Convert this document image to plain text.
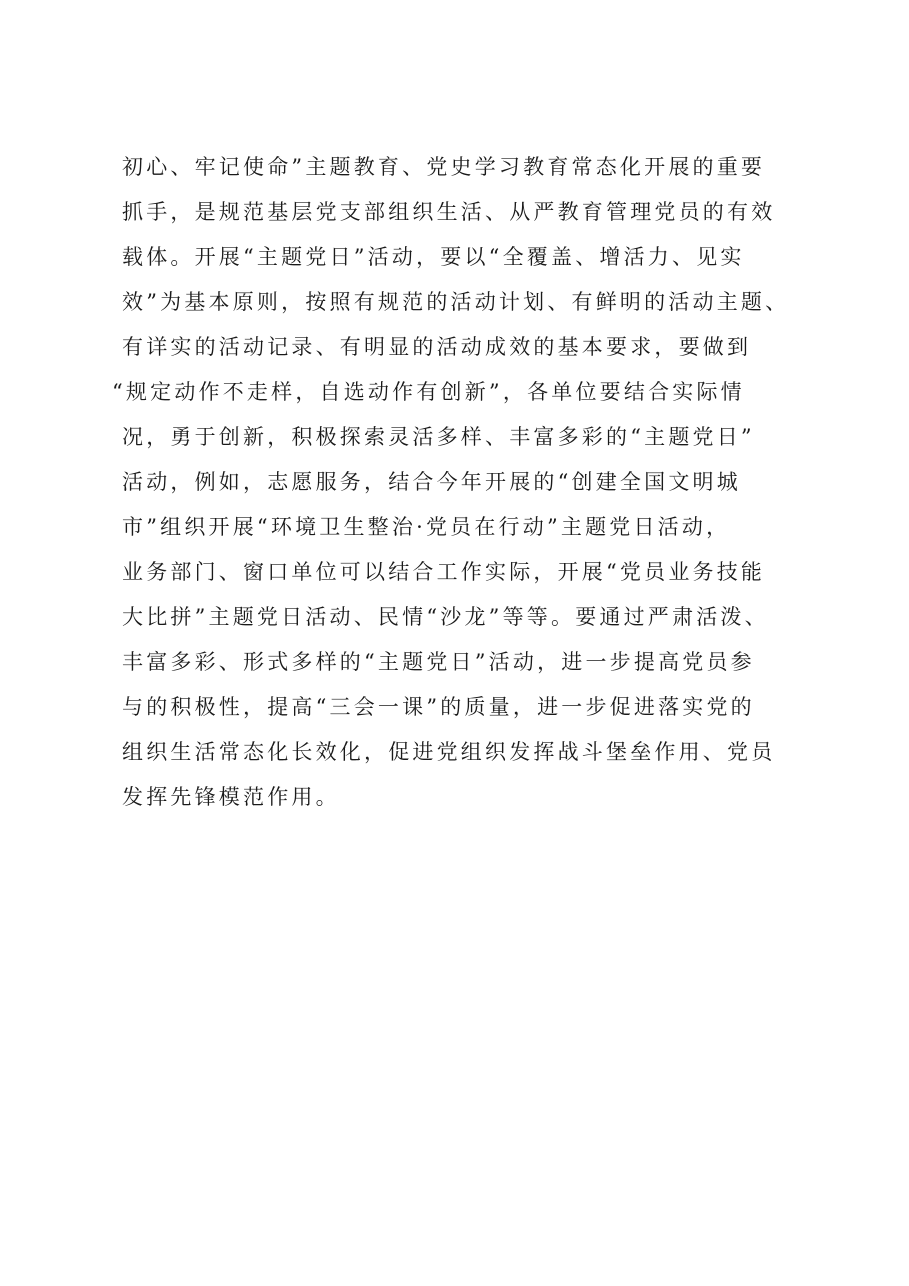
初心、牢记使命”主题教育、党史学习教育常态化开展的重要
抓手，是规范基层党支部组织生活、从严教育管理党员的有效
载体。开展“主题党日”活动，要以“全覆盖、增活力、见实
效”为基本原则，按照有规范的活动计划、有鲜明的活动主题、
有详实的活动记录、有明显的活动成效的基本要求，要做到
“规定动作不走样，自选动作有创新”，各单位要结合实际情
况，勇于创新，积极探索灵活多样、丰富多彩的“主题党日”
活动，例如，志愿服务，结合今年开展的“创建全国文明城
市”组织开展“环境卫生整治·党员在行动”主题党日活动，
业务部门、窗口单位可以结合工作实际，开展“党员业务技能
大比拼”主题党日活动、民情“沙龙”等等。要通过严肃活泼、
丰富多彩、形式多样的“主题党日”活动，进一步提高党员参
与的积极性，提高“三会一课”的质量，进一步促进落实党的
组织生活常态化长效化，促进党组织发挥战斗堡垒作用、党员
发挥先锋模范作用。
